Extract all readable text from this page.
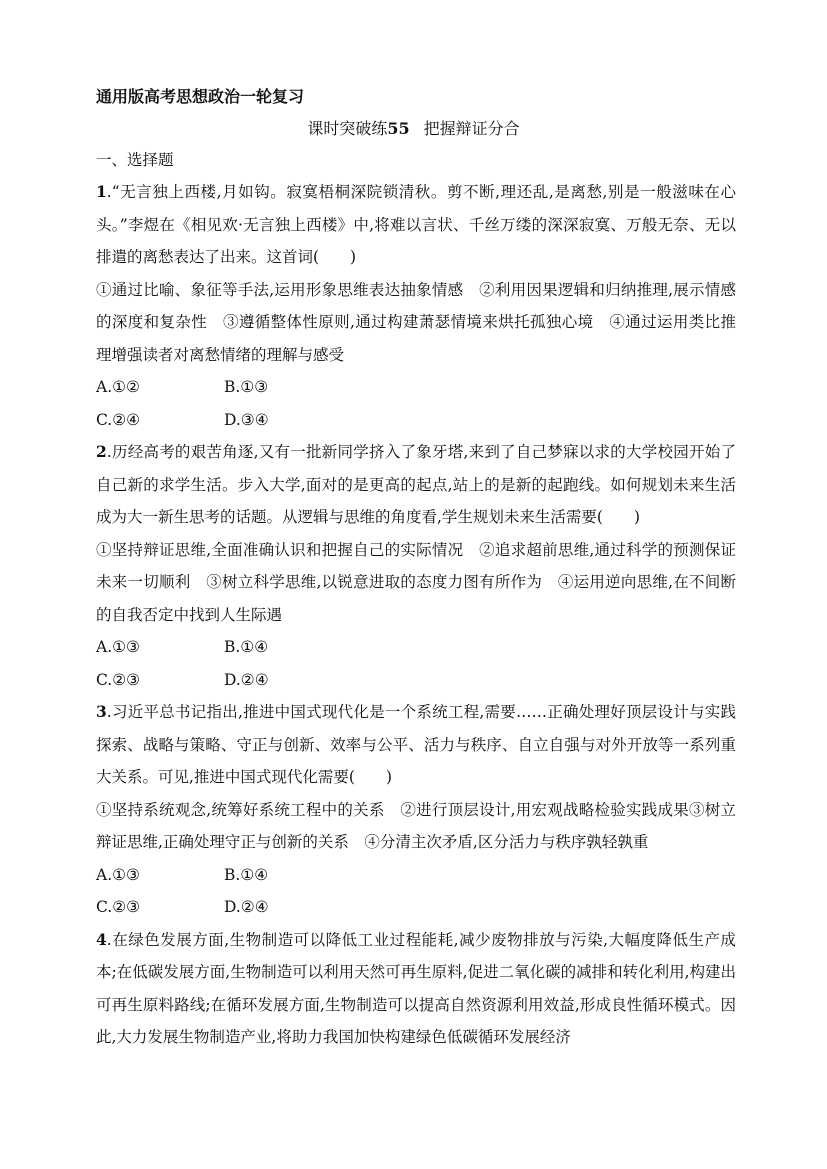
通用版高考思想政治一轮复习
课时突破练55 把握辩证分合
一、选择题

1.“无言独上西楼,月如钩。寂寞梧桐深院锁清秋。剪不断,理还乱,是离愁,别是一般滋味在心头。”李煜在《相见欢·无言独上西楼》中,将难以言状、千丝万缕的深深寂寞、万般无奈、无以排遣的离愁表达了出来。这首词(　　)

①通过比喻、象征等手法,运用形象思维表达抽象情感　②利用因果逻辑和归纳推理,展示情感的深度和复杂性　③遵循整体性原则,通过构建萧瑟情境来烘托孤独心境　④通过运用类比推理增强读者对离愁情绪的理解与感受

A.①②	B.①③
C.②④	D.③④

2.历经高考的艰苦角逐,又有一批新同学挤入了象牙塔,来到了自己梦寐以求的大学校园开始了自己新的求学生活。步入大学,面对的是更高的起点,站上的是新的起跑线。如何规划未来生活成为大一新生思考的话题。从逻辑与思维的角度看,学生规划未来生活需要(　　)

①坚持辩证思维,全面准确认识和把握自己的实际情况　②追求超前思维,通过科学的预测保证未来一切顺利　③树立科学思维,以锐意进取的态度力图有所作为　④运用逆向思维,在不间断的自我否定中找到人生际遇

A.①③	B.①④
C.②③	D.②④

3.习近平总书记指出,推进中国式现代化是一个系统工程,需要……正确处理好顶层设计与实践探索、战略与策略、守正与创新、效率与公平、活力与秩序、自立自强与对外开放等一系列重大关系。可见,推进中国式现代化需要(　　)

①坚持系统观念,统筹好系统工程中的关系　②进行顶层设计,用宏观战略检验实践成果③树立辩证思维,正确处理守正与创新的关系　④分清主次矛盾,区分活力与秩序孰轻孰重

A.①③	B.①④
C.②③	D.②④

4.在绿色发展方面,生物制造可以降低工业过程能耗,减少废物排放与污染,大幅度降低生产成本;在低碳发展方面,生物制造可以利用天然可再生原料,促进二氧化碳的减排和转化利用,构建出可再生原料路线;在循环发展方面,生物制造可以提高自然资源利用效益,形成良性循环模式。因此,大力发展生物制造产业,将助力我国加快构建绿色低碳循环发展经济
